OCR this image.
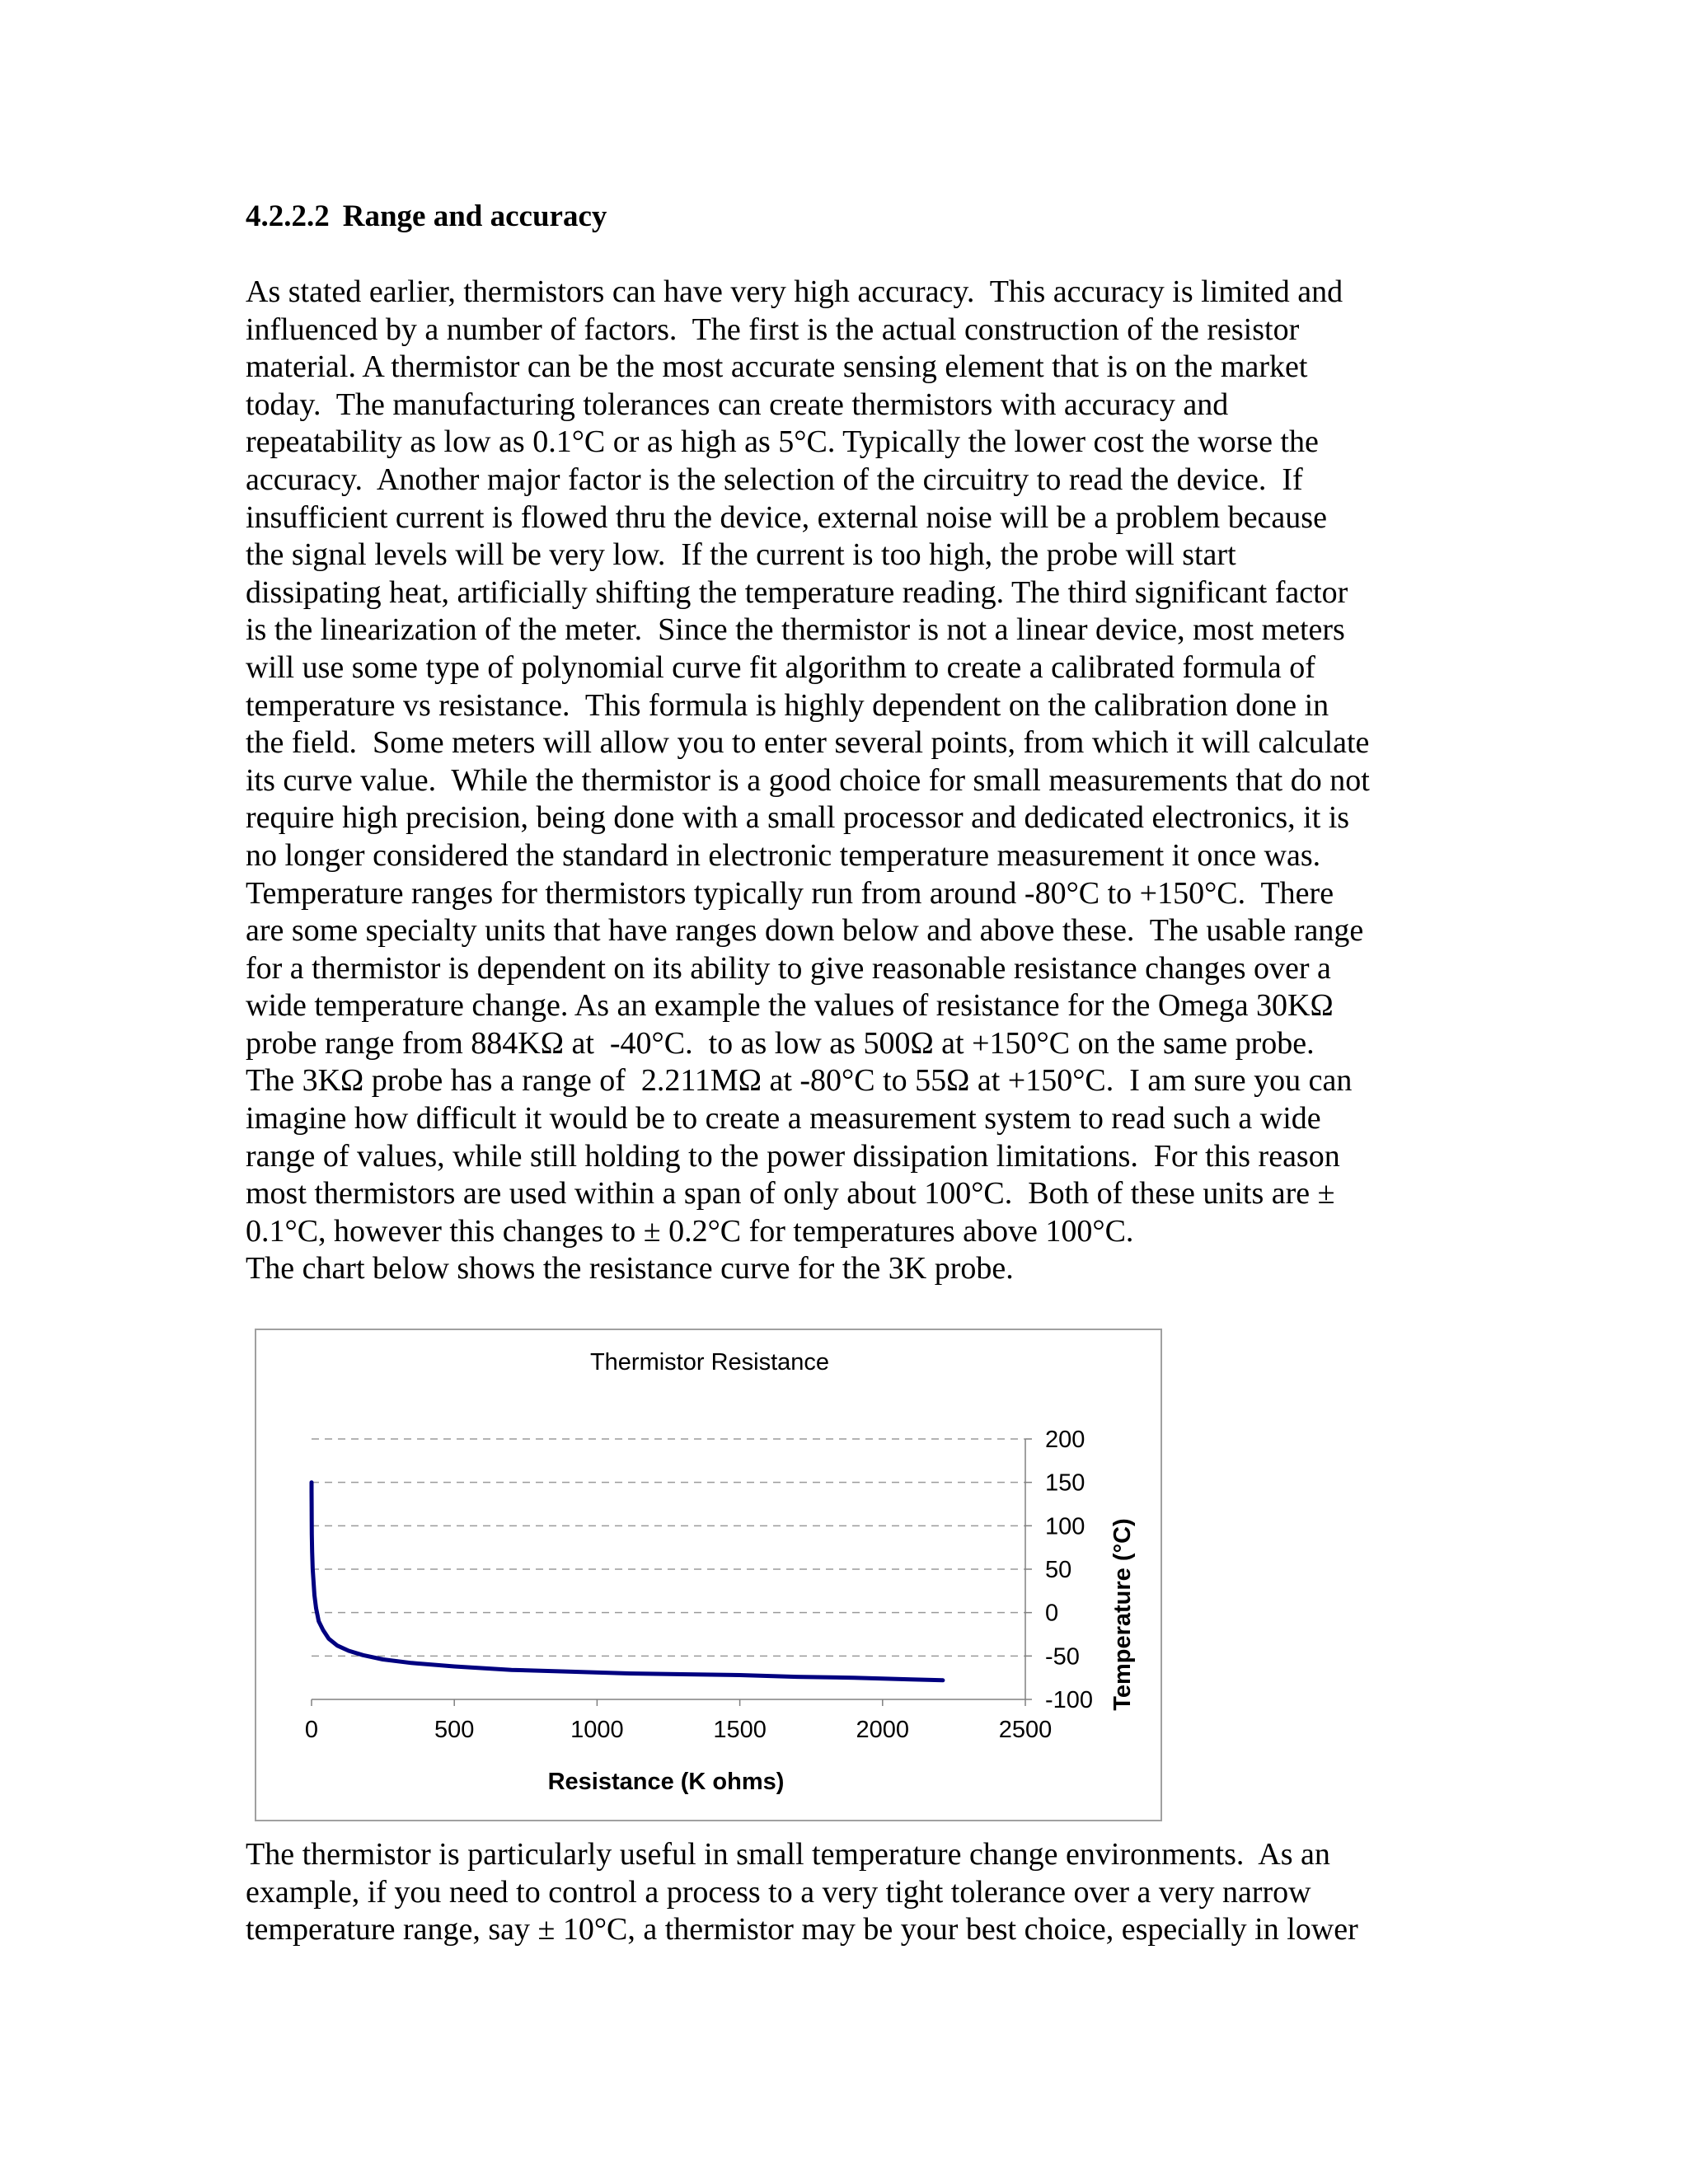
4.2.2.2 Range and accuracy
As stated earlier, thermistors can have very high accuracy.  This accuracy is limited and
influenced by a number of factors.  The first is the actual construction of the resistor
material. A thermistor can be the most accurate sensing element that is on the market
today.  The manufacturing tolerances can create thermistors with accuracy and
repeatability as low as 0.1°C or as high as 5°C. Typically the lower cost the worse the
accuracy.  Another major factor is the selection of the circuitry to read the device.  If
insufficient current is flowed thru the device, external noise will be a problem because
the signal levels will be very low.  If the current is too high, the probe will start
dissipating heat, artificially shifting the temperature reading. The third significant factor
is the linearization of the meter.  Since the thermistor is not a linear device, most meters
will use some type of polynomial curve fit algorithm to create a calibrated formula of
temperature vs resistance.  This formula is highly dependent on the calibration done in
the field.  Some meters will allow you to enter several points, from which it will calculate
its curve value.  While the thermistor is a good choice for small measurements that do not
require high precision, being done with a small processor and dedicated electronics, it is
no longer considered the standard in electronic temperature measurement it once was.
Temperature ranges for thermistors typically run from around -80°C to +150°C.  There
are some specialty units that have ranges down below and above these.  The usable range
for a thermistor is dependent on its ability to give reasonable resistance changes over a
wide temperature change. As an example the values of resistance for the Omega 30KΩ
probe range from 884KΩ at  -40°C.  to as low as 500Ω at +150°C on the same probe.
The 3KΩ probe has a range of  2.211MΩ at -80°C to 55Ω at +150°C.  I am sure you can
imagine how difficult it would be to create a measurement system to read such a wide
range of values, while still holding to the power dissipation limitations.  For this reason
most thermistors are used within a span of only about 100°C.  Both of these units are ±
0.1°C, however this changes to ± 0.2°C for temperatures above 100°C.
The chart below shows the resistance curve for the 3K probe.
Thermistor Resistance
0	500	1000	1500	2000	2500
200
150
100
50
0
-50
-100
Resistance (K ohms)
Temperature (°C)
The thermistor is particularly useful in small temperature change environments.  As an
example, if you need to control a process to a very tight tolerance over a very narrow
temperature range, say ± 10°C, a thermistor may be your best choice, especially in lower
